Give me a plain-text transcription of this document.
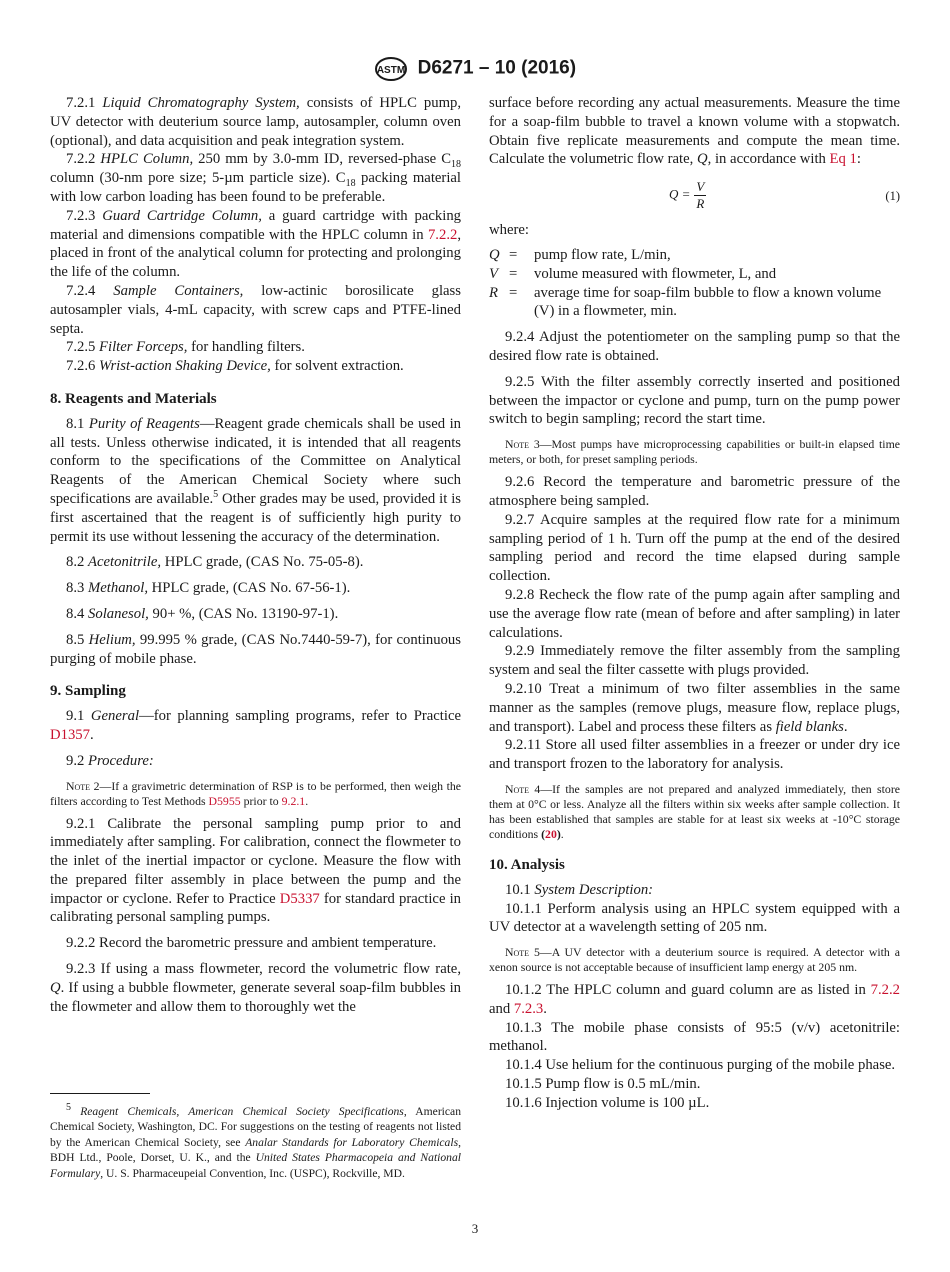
ASTM D6271 – 10 (2016)

7.2.1 Liquid Chromatography System, consists of HPLC pump, UV detector with deuterium source lamp, autosampler, column oven (optional), and data acquisition and peak integration system.

7.2.2 HPLC Column, 250 mm by 3.0-mm ID, reversed-phase $C_{18}$ column (30-nm pore size; 5-µm particle size). $C_{18}$ packing material with low carbon loading has been found to be preferable.

7.2.3 Guard Cartridge Column, a guard cartridge with packing material and dimensions compatible with the HPLC column in 7.2.2, placed in front of the analytical column for protecting and prolonging the life of the column.

7.2.4 Sample Containers, low-actinic borosilicate glass autosampler vials, 4-mL capacity, with screw caps and PTFE-lined septa.

7.2.5 Filter Forceps, for handling filters.

7.2.6 Wrist-action Shaking Device, for solvent extraction.

8. Reagents and Materials

8.1 Purity of Reagents—Reagent grade chemicals shall be used in all tests. Unless otherwise indicated, it is intended that all reagents conform to the specifications of the Committee on Analytical Reagents of the American Chemical Society where such specifications are available.$^5$ Other grades may be used, provided it is first ascertained that the reagent is of sufficiently high purity to permit its use without lessening the accuracy of the determination.

8.2 Acetonitrile, HPLC grade, (CAS No. 75-05-8).

8.3 Methanol, HPLC grade, (CAS No. 67-56-1).

8.4 Solanesol, 90+ %, (CAS No. 13190-97-1).

8.5 Helium, 99.995 % grade, (CAS No.7440-59-7), for continuous purging of mobile phase.

9. Sampling

9.1 General—for planning sampling programs, refer to Practice D1357.

9.2 Procedure:

Note 2—If a gravimetric determination of RSP is to be performed, then weigh the filters according to Test Methods D5955 prior to 9.2.1.

9.2.1 Calibrate the personal sampling pump prior to and immediately after sampling. For calibration, connect the flowmeter to the inlet of the inertial impactor or cyclone. Measure the flow with the prepared filter assembly in place between the pump and the impactor or cyclone. Refer to Practice D5337 for standard practice in calibrating personal sampling pumps.

9.2.2 Record the barometric pressure and ambient temperature.

9.2.3 If using a mass flowmeter, record the volumetric flow rate, Q. If using a bubble flowmeter, generate several soap-film bubbles in the flowmeter and allow them to thoroughly wet the

surface before recording any actual measurements. Measure the time for a soap-film bubble to travel a known volume with a stopwatch. Obtain five replicate measurements and compute the mean time. Calculate the volumetric flow rate, Q, in accordance with Eq 1:

$Q = \frac{V}{R}$	(1)
where:
Q =	pump flow rate, L/min,
V =	volume measured with flowmeter, L, and
R =	average time for soap-film bubble to flow a known volume (V) in a flowmeter, min.

9.2.4 Adjust the potentiometer on the sampling pump so that the desired flow rate is obtained.

9.2.5 With the filter assembly correctly inserted and positioned between the impactor or cyclone and pump, turn on the pump power switch to begin sampling; record the start time.

Note 3—Most pumps have microprocessing capabilities or built-in elapsed time meters, or both, for preset sampling periods.

9.2.6 Record the temperature and barometric pressure of the atmosphere being sampled.

9.2.7 Acquire samples at the required flow rate for a minimum sampling period of 1 h. Turn off the pump at the end of the desired sampling period and record the time elapsed during sample collection.

9.2.8 Recheck the flow rate of the pump again after sampling and use the average flow rate (mean of before and after sampling) in later calculations.

9.2.9 Immediately remove the filter assembly from the sampling system and seal the filter cassette with plugs provided.

9.2.10 Treat a minimum of two filter assemblies in the same manner as the samples (remove plugs, measure flow, replace plugs, and transport). Label and process these filters as field blanks.

9.2.11 Store all used filter assemblies in a freezer or under dry ice and transport frozen to the laboratory for analysis.

Note 4—If the samples are not prepared and analyzed immediately, then store them at 0°C or less. Analyze all the filters within six weeks after sample collection. It has been established that samples are stable for at least six weeks at -10°C storage conditions (20).

10. Analysis

10.1 System Description:

10.1.1 Perform analysis using an HPLC system equipped with a UV detector at a wavelength setting of 205 nm.

Note 5—A UV detector with a deuterium source is required. A detector with a xenon source is not acceptable because of insufficient lamp energy at 205 nm.

10.1.2 The HPLC column and guard column are as listed in 7.2.2 and 7.2.3.

10.1.3 The mobile phase consists of 95:5 (v/v) acetonitrile: methanol.

10.1.4 Use helium for the continuous purging of the mobile phase.

10.1.5 Pump flow is 0.5 mL/min.

10.1.6 Injection volume is 100 µL.

$^5$ Reagent Chemicals, American Chemical Society Specifications, American Chemical Society, Washington, DC. For suggestions on the testing of reagents not listed by the American Chemical Society, see Analar Standards for Laboratory Chemicals, BDH Ltd., Poole, Dorset, U. K., and the United States Pharmacopeia and National Formulary, U. S. Pharmaceupeial Convention, Inc. (USPC), Rockville, MD.

3
